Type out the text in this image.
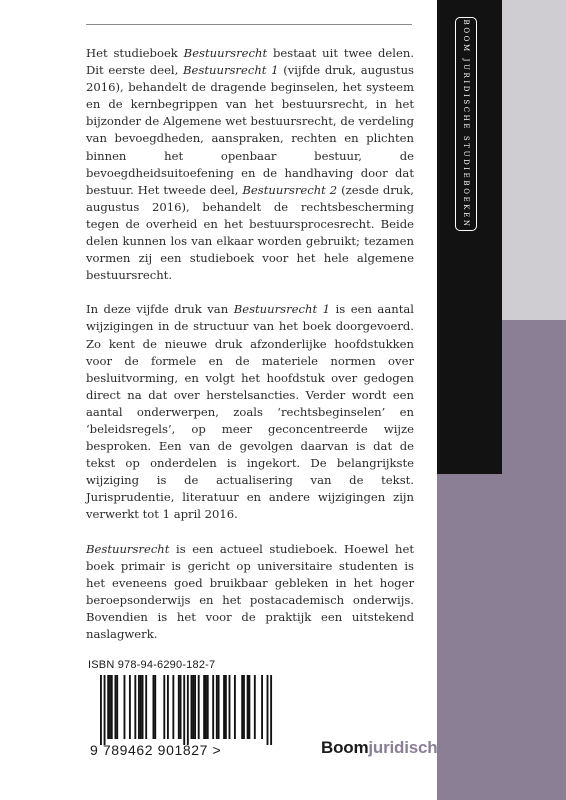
Het studieboek Bestuursrecht bestaat uit twee delen. Dit eerste deel, Bestuursrecht 1 (vijfde druk, augustus 2016), behandelt de dragende beginselen, het systeem en de kernbegrippen van het bestuursrecht, in het bijzonder de Algemene wet bestuursrecht, de verdeling van bevoegdheden, aanspraken, rechten en plichten binnen het openbaar bestuur, de bevoegdheidsuitoefening en de handhaving door dat bestuur. Het tweede deel, Bestuursrecht 2 (zesde druk, augustus 2016), behandelt de rechtsbescherming tegen de overheid en het bestuursprocesrecht. Beide delen kunnen los van elkaar worden gebruikt; tezamen vormen zij een studieboek voor het hele algemene bestuursrecht.

In deze vijfde druk van Bestuursrecht 1 is een aantal wijzigingen in de structuur van het boek doorgevoerd. Zo kent de nieuwe druk afzonderlijke hoofdstukken voor de formele en de materiele normen over besluitvorming, en volgt het hoofdstuk over gedogen direct na dat over herstelsancties. Verder wordt een aantal onderwerpen, zoals ‘rechtsbeginselen’ en ‘beleidsregels’, op meer geconcentreerde wijze besproken. Een van de gevolgen daarvan is dat de tekst op onderdelen is ingekort. De belangrijkste wijziging is de actualisering van de tekst. Jurisprudentie, literatuur en andere wijzigingen zijn verwerkt tot 1 april 2016.

Bestuursrecht is een actueel studieboek. Hoewel het boek primair is gericht op universitaire studenten is het eveneens goed bruikbaar gebleken in het hoger beroepsonderwijs en het postacademisch onderwijs. Bovendien is het voor de praktijk een uitstekend naslagwerk.

BOOM JURIDISCHE STUDIEBOEKEN
ISBN 978-94-6290-182-7
9 789462 901827 >	Boomjuridisch
